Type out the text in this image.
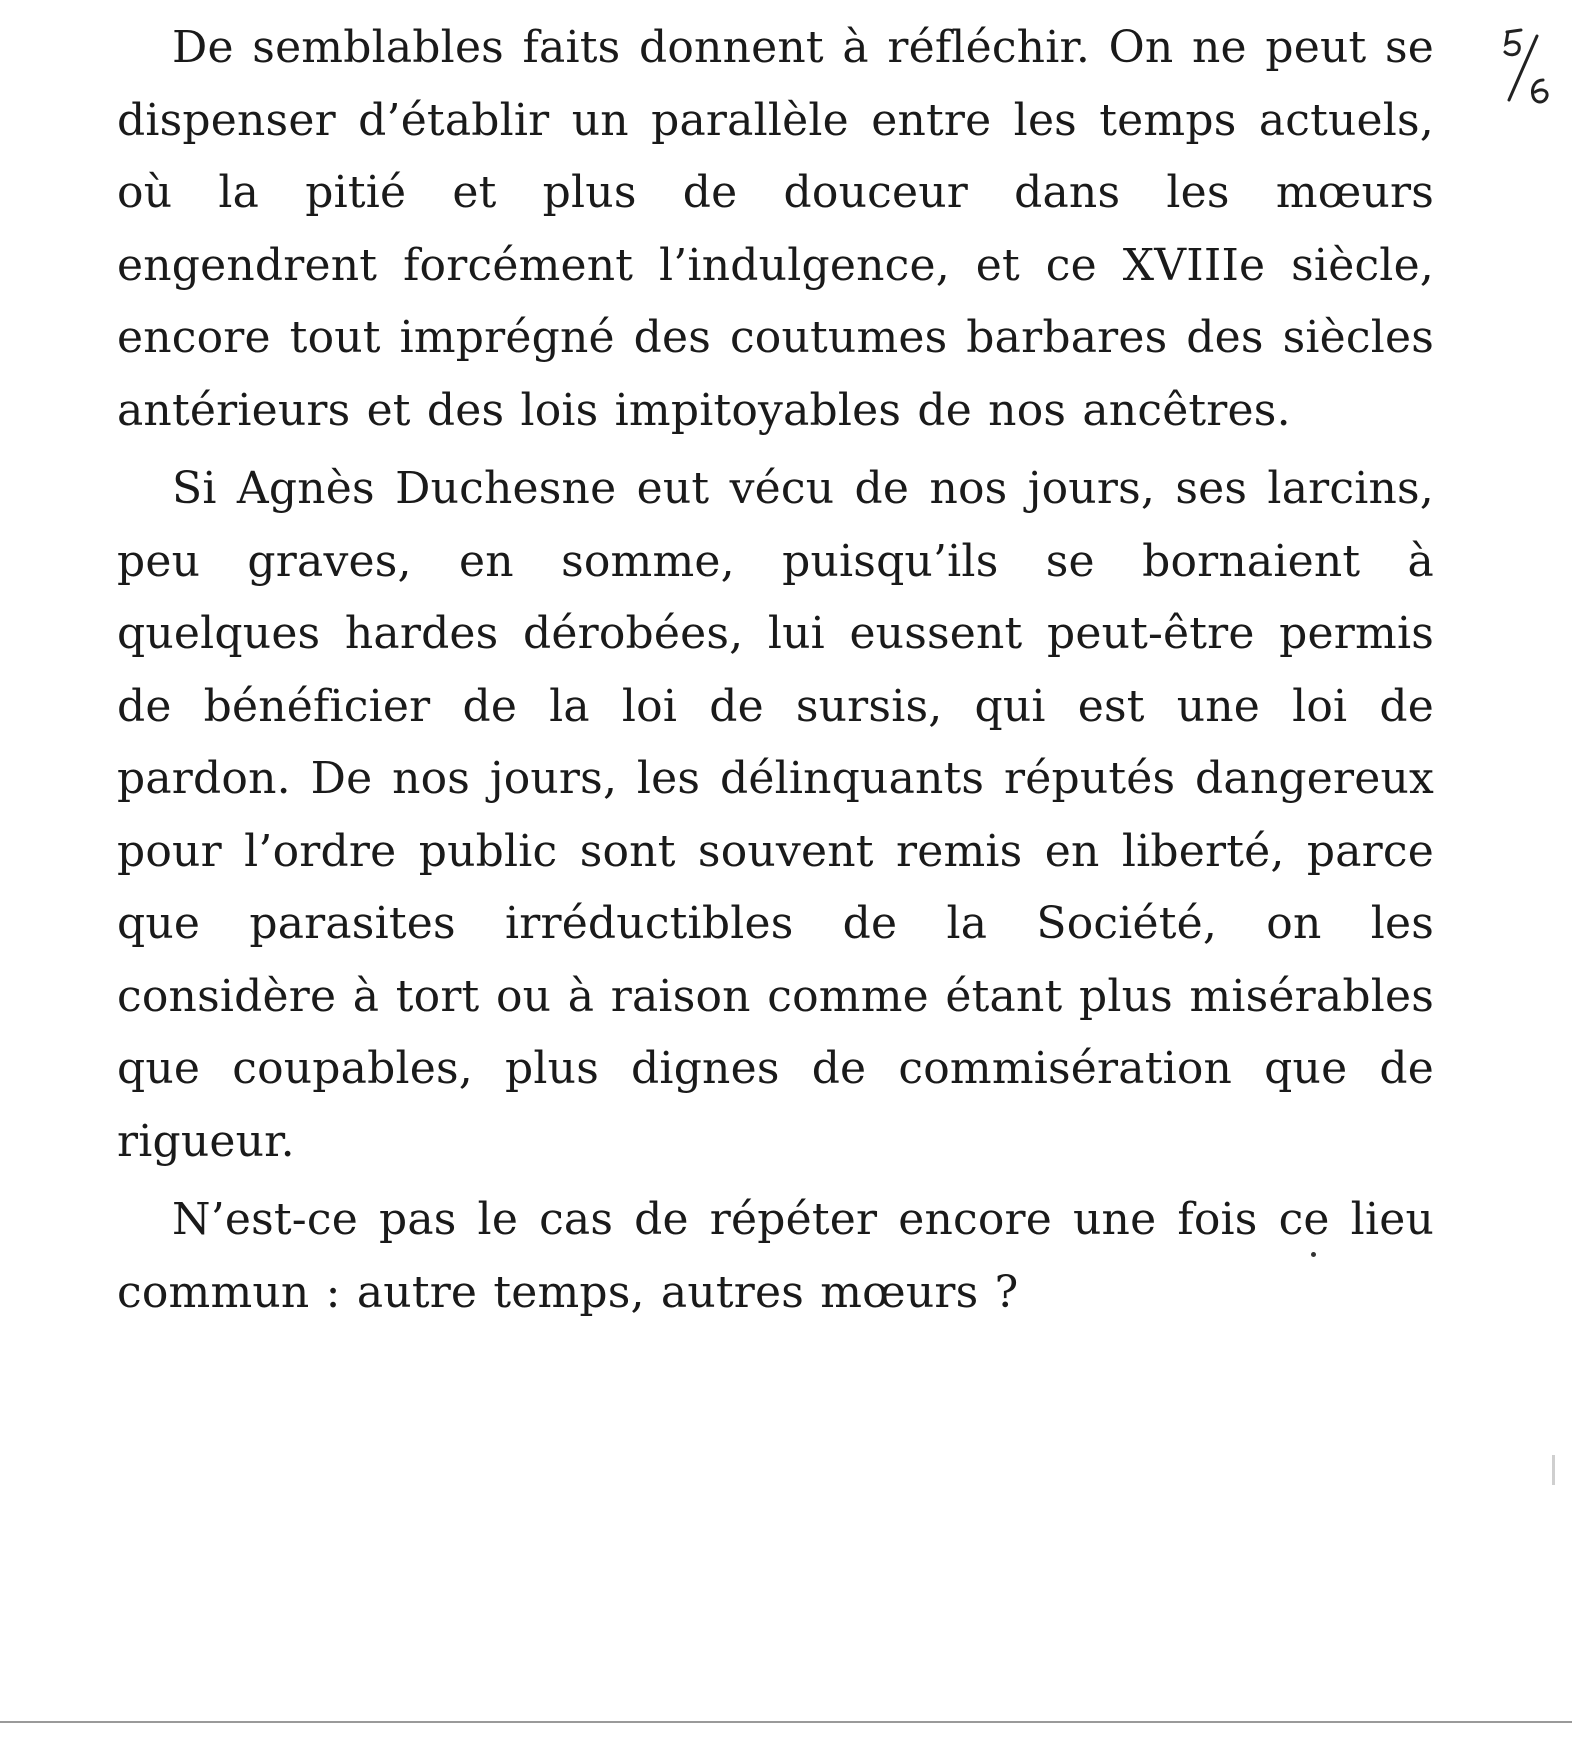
De semblables faits donnent à réfléchir. On ne peut se dispenser d’établir un parallèle entre les temps actuels, où la pitié et plus de douceur dans les mœurs engendrent forcément l’indulgence, et ce XVIIIe siècle, encore tout imprégné des coutumes barbares des siècles antérieurs et des lois impitoyables de nos ancêtres.

Si Agnès Duchesne eut vécu de nos jours, ses larcins, peu graves, en somme, puisqu’ils se bornaient à quelques hardes dérobées, lui eussent peut-être permis de bénéficier de la loi de sursis, qui est une loi de pardon. De nos jours, les délinquants réputés dangereux pour l’ordre public sont souvent remis en liberté, parce que parasites irréductibles de la Société, on les considère à tort ou à raison comme étant plus misérables que coupables, plus dignes de commisération que de rigueur.

N’est-ce pas le cas de répéter encore une fois ce lieu commun : autre temps, autres mœurs ?
